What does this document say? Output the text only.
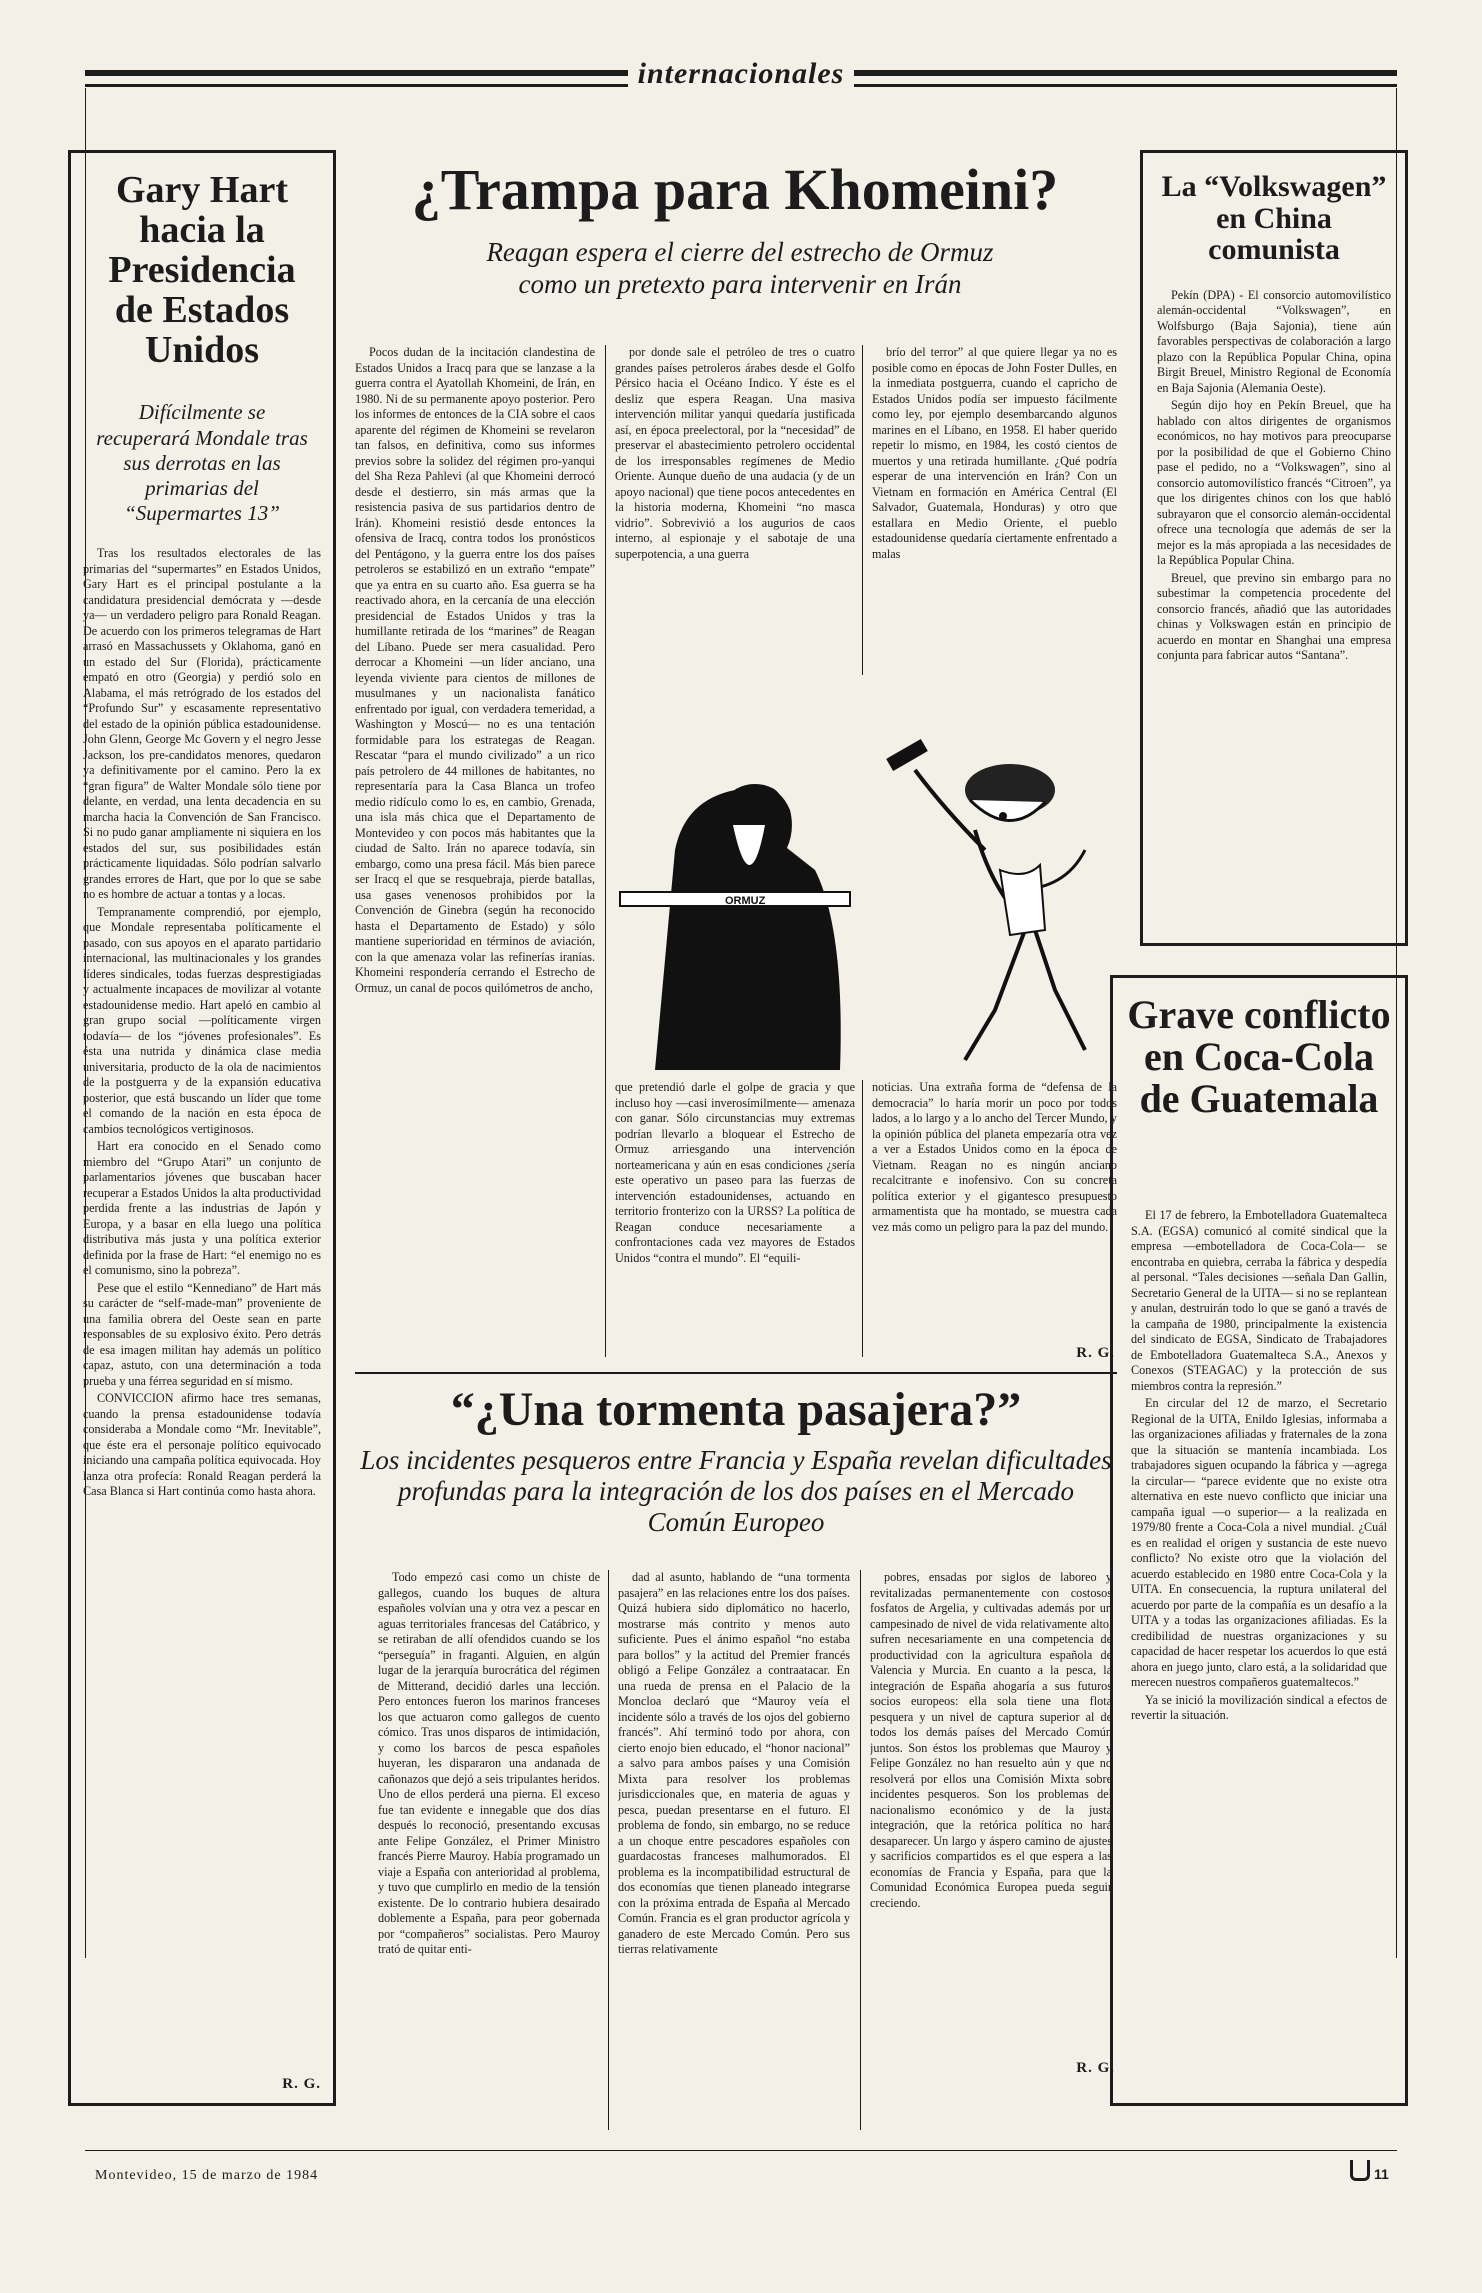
internacionales
Gary Hart hacia la Presidencia de Estados Unidos
Difícilmente se recuperará Mondale tras sus derrotas en las primarias del “Supermartes 13”

Tras los resultados electorales de las primarias del “supermartes” en Estados Unidos, Gary Hart es el principal postulante a la candidatura presidencial demócrata y —desde ya— un verdadero peligro para Ronald Reagan. De acuerdo con los primeros telegramas de Hart arrasó en Massachussets y Oklahoma, ganó en un estado del Sur (Florida), prácticamente empató en otro (Georgia) y perdió solo en Alabama, el más retrógrado de los estados del “Profundo Sur” y escasamente representativo del estado de la opinión pública estadounidense. John Glenn, George Mc Govern y el negro Jesse Jackson, los pre-candidatos menores, quedaron ya definitivamente por el camino. Pero la ex “gran figura” de Walter Mondale sólo tiene por delante, en verdad, una lenta decadencia en su marcha hacia la Convención de San Francisco. Si no pudo ganar ampliamente ni siquiera en los estados del sur, sus posibilidades están prácticamente liquidadas. Sólo podrían salvarlo grandes errores de Hart, que por lo que se sabe no es hombre de actuar a tontas y a locas.

Tempranamente comprendió, por ejemplo, que Mondale representaba políticamente el pasado, con sus apoyos en el aparato partidario internacional, las multinacionales y los grandes líderes sindicales, todas fuerzas desprestigiadas y actualmente incapaces de movilizar al votante estadounidense medio. Hart apeló en cambio al gran grupo social —políticamente virgen todavía— de los “jóvenes profesionales”. Es ésta una nutrida y dinámica clase media universitaria, producto de la ola de nacimientos de la postguerra y de la expansión educativa posterior, que está buscando un líder que tome el comando de la nación en esta época de cambios tecnológicos vertiginosos.

Hart era conocido en el Senado como miembro del “Grupo Atari” un conjunto de parlamentarios jóvenes que buscaban hacer recuperar a Estados Unidos la alta productividad perdida frente a las industrias de Japón y Europa, y a basar en ella luego una política distributiva más justa y una política exterior definida por la frase de Hart: “el enemigo no es el comunismo, sino la pobreza”.

Pese que el estilo “Kennediano” de Hart más su carácter de “self-made-man” proveniente de una familia obrera del Oeste sean en parte responsables de su explosivo éxito. Pero detrás de esa imagen militan hay además un político capaz, astuto, con una determinación a toda prueba y una férrea seguridad en sí mismo.

CONVICCION afirmo hace tres semanas, cuando la prensa estadounidense todavía consideraba a Mondale como “Mr. Inevitable”, que éste era el personaje político equivocado iniciando una campaña política equivocada. Hoy lanza otra profecía: Ronald Reagan perderá la Casa Blanca si Hart continúa como hasta ahora.

R. G.
¿Trampa para Khomeini?
Reagan espera el cierre del estrecho de Ormuz como un pretexto para intervenir en Irán
Pocos dudan de la incitación clandestina de Estados Unidos a Iracq para que se lanzase a la guerra contra el Ayatollah Khomeini, de Irán, en 1980. Ni de su permanente apoyo posterior. Pero los informes de entonces de la CIA sobre el caos aparente del régimen de Khomeini se revelaron tan falsos, en definitiva, como sus informes previos sobre la solidez del régimen pro-yanqui del Sha Reza Pahlevi (al que Khomeini derrocó desde el destierro, sin más armas que la resistencia pasiva de sus partidarios dentro de Irán). Khomeini resistió desde entonces la ofensiva de Iracq, contra todos los pronósticos del Pentágono, y la guerra entre los dos países petroleros se estabilizó en un extraño “empate” que ya entra en su cuarto año. Esa guerra se ha reactivado ahora, en la cercanía de una elección presidencial de Estados Unidos y tras la humillante retirada de los “marines” de Reagan del Líbano. Puede ser mera casualidad. Pero derrocar a Khomeini —un líder anciano, una leyenda viviente para cientos de millones de musulmanes y un nacionalista fanático enfrentado por igual, con verdadera temeridad, a Washington y Moscú— no es una tentación formidable para los estrategas de Reagan. Rescatar “para el mundo civilizado” a un rico país petrolero de 44 millones de habitantes, no representaría para la Casa Blanca un trofeo medio ridículo como lo es, en cambio, Grenada, una isla más chica que el Departamento de Montevideo y con pocos más habitantes que la ciudad de Salto. Irán no aparece todavía, sin embargo, como una presa fácil. Más bien parece ser Iracq el que se resquebraja, pierde batallas, usa gases venenosos prohibidos por la Convención de Ginebra (según ha reconocido hasta el Departamento de Estado) y sólo mantiene superioridad en términos de aviación, con la que amenaza volar las refinerías iranías. Khomeini respondería cerrando el Estrecho de Ormuz, un canal de pocos quilómetros de ancho,
por donde sale el petróleo de tres o cuatro grandes países petroleros árabes desde el Golfo Pérsico hacia el Océano Indico. Y éste es el desliz que espera Reagan. Una masiva intervención militar yanqui quedaría justificada así, en época preelectoral, por la “necesidad” de preservar el abastecimiento petrolero occidental de los irresponsables regímenes de Medio Oriente. Aunque dueño de una audacia (y de un apoyo nacional) que tiene pocos antecedentes en la historia moderna, Khomeini “no masca vidrio”. Sobrevivió a los augurios de caos interno, al espionaje y el sabotaje de una superpotencia, a una guerra
brío del terror” al que quiere llegar ya no es posible como en épocas de John Foster Dulles, en la inmediata postguerra, cuando el capricho de Estados Unidos podía ser impuesto fácilmente como ley, por ejemplo desembarcando algunos marines en el Líbano, en 1958. El haber querido repetir lo mismo, en 1984, les costó cientos de muertos y una retirada humillante. ¿Qué podría esperar de una intervención en Irán? Con un Vietnam en formación en América Central (El Salvador, Guatemala, Honduras) y otro que estallara en Medio Oriente, el pueblo estadounidense quedaría ciertamente enfrentado a malas
ORMUZ
que pretendió darle el golpe de gracia y que incluso hoy —casi inverosímilmente— amenaza con ganar. Sólo circunstancias muy extremas podrían llevarlo a bloquear el Estrecho de Ormuz arriesgando una intervención norteamericana y aún en esas condiciones ¿sería este operativo un paseo para las fuerzas de intervención estadounidenses, actuando en territorio fronterizo con la URSS? La política de Reagan conduce necesariamente a confrontaciones cada vez mayores de Estados Unidos “contra el mundo”. El “equili-
noticias. Una extraña forma de “defensa de la democracia” lo haría morir un poco por todos lados, a lo largo y a lo ancho del Tercer Mundo, y la opinión pública del planeta empezaría otra vez a ver a Estados Unidos como en la época de Vietnam. Reagan no es ningún anciano recalcitrante e inofensivo. Con su concreta política exterior y el gigantesco presupuesto armamentista que ha montado, se muestra cada vez más como un peligro para la paz del mundo.
R. G.
La “Volkswagen” en China comunista

Pekín (DPA) - El consorcio automovilístico alemán-occidental “Volkswagen”, en Wolfsburgo (Baja Sajonia), tiene aún favorables perspectivas de colaboración a largo plazo con la República Popular China, opina Birgit Breuel, Ministro Regional de Economía en Baja Sajonia (Alemania Oeste).

Según dijo hoy en Pekín Breuel, que ha hablado con altos dirigentes de organismos económicos, no hay motivos para preocuparse por la posibilidad de que el Gobierno Chino pase el pedido, no a “Volkswagen”, sino al consorcio automovilístico francés “Citroen”, ya que los dirigentes chinos con los que habló subrayaron que el consorcio alemán-occidental ofrece una tecnología que además de ser la mejor es la más apropiada a las necesidades de la República Popular China.

Breuel, que previno sin embargo para no subestimar la competencia procedente del consorcio francés, añadió que las autoridades chinas y Volkswagen están en principio de acuerdo en montar en Shanghai una empresa conjunta para fabricar autos “Santana”.

Grave conflicto en Coca-Cola de Guatemala

El 17 de febrero, la Embotelladora Guatemalteca S.A. (EGSA) comunicó al comité sindical que la empresa —embotelladora de Coca-Cola— se encontraba en quiebra, cerraba la fábrica y despedía al personal. “Tales decisiones —señala Dan Gallin, Secretario General de la UITA— si no se replantean y anulan, destruirán todo lo que se ganó a través de la campaña de 1980, principalmente la existencia del sindicato de EGSA, Sindicato de Trabajadores de Embotelladora Guatemalteca S.A., Anexos y Conexos (STEAGAC) y la protección de sus miembros contra la represión.”

En circular del 12 de marzo, el Secretario Regional de la UITA, Enildo Iglesias, informaba a las organizaciones afiliadas y fraternales de la zona que la situación se mantenía incambiada. Los trabajadores siguen ocupando la fábrica y —agrega la circular— “parece evidente que no existe otra alternativa en este nuevo conflicto que iniciar una campaña igual —o superior— a la realizada en 1979/80 frente a Coca-Cola a nivel mundial. ¿Cuál es en realidad el origen y sustancia de este nuevo conflicto? No existe otro que la violación del acuerdo establecido en 1980 entre Coca-Cola y la UITA. En consecuencia, la ruptura unilateral del acuerdo por parte de la compañía es un desafío a la UITA y a todas las organizaciones afiliadas. Es la credibilidad de nuestras organizaciones y su capacidad de hacer respetar los acuerdos lo que está ahora en juego junto, claro está, a la solidaridad que merecen nuestros compañeros guatemaltecos.”

Ya se inició la movilización sindical a efectos de revertir la situación.

“¿Una tormenta pasajera?”
Los incidentes pesqueros entre Francia y España revelan dificultades profundas para la integración de los dos países en el Mercado Común Europeo
Todo empezó casi como un chiste de gallegos, cuando los buques de altura españoles volvían una y otra vez a pescar en aguas territoriales francesas del Catábrico, y se retiraban de allí ofendidos cuando se los “perseguía” in fraganti. Alguien, en algún lugar de la jerarquía burocrática del régimen de Mitterand, decidió darles una lección. Pero entonces fueron los marinos franceses los que actuaron como gallegos de cuento cómico. Tras unos disparos de intimidación, y como los barcos de pesca españoles huyeran, les dispararon una andanada de cañonazos que dejó a seis tripulantes heridos. Uno de ellos perderá una pierna. El exceso fue tan evidente e innegable que dos días después lo reconoció, presentando excusas ante Felipe González, el Primer Ministro francés Pierre Mauroy. Había programado un viaje a España con anterioridad al problema, y tuvo que cumplirlo en medio de la tensión existente. De lo contrario hubiera desairado doblemente a España, para peor gobernada por “compañeros” socialistas. Pero Mauroy trató de quitar enti-
dad al asunto, hablando de “una tormenta pasajera” en las relaciones entre los dos países. Quizá hubiera sido diplomático no hacerlo, mostrarse más contrito y menos auto suficiente. Pues el ánimo español “no estaba para bollos” y la actitud del Premier francés obligó a Felipe González a contraatacar. En una rueda de prensa en el Palacio de la Moncloa declaró que “Mauroy veía el incidente sólo a través de los ojos del gobierno francés”. Ahí terminó todo por ahora, con cierto enojo bien educado, el “honor nacional” a salvo para ambos países y una Comisión Mixta para resolver los problemas jurisdiccionales que, en materia de aguas y pesca, puedan presentarse en el futuro. El problema de fondo, sin embargo, no se reduce a un choque entre pescadores españoles con guardacostas franceses malhumorados. El problema es la incompatibilidad estructural de dos economías que tienen planeado integrarse con la próxima entrada de España al Mercado Común. Francia es el gran productor agrícola y ganadero de este Mercado Común. Pero sus tierras relativamente
pobres, ensadas por siglos de laboreo y revitalizadas permanentemente con costosos fosfatos de Argelia, y cultivadas además por un campesinado de nivel de vida relativamente alto, sufren necesariamente en una competencia de productividad con la agricultura española de Valencia y Murcia. En cuanto a la pesca, la integración de España ahogaría a sus futuros socios europeos: ella sola tiene una flota pesquera y un nivel de captura superior al de todos los demás países del Mercado Común juntos. Son éstos los problemas que Mauroy y Felipe González no han resuelto aún y que no resolverá por ellos una Comisión Mixta sobre incidentes pesqueros. Son los problemas del nacionalismo económico y de la justa integración, que la retórica política no hará desaparecer. Un largo y áspero camino de ajustes y sacrificios compartidos es el que espera a las economías de Francia y España, para que la Comunidad Económica Europea pueda seguir creciendo.
R. G.
Montevideo, 15 de marzo de 1984	11
